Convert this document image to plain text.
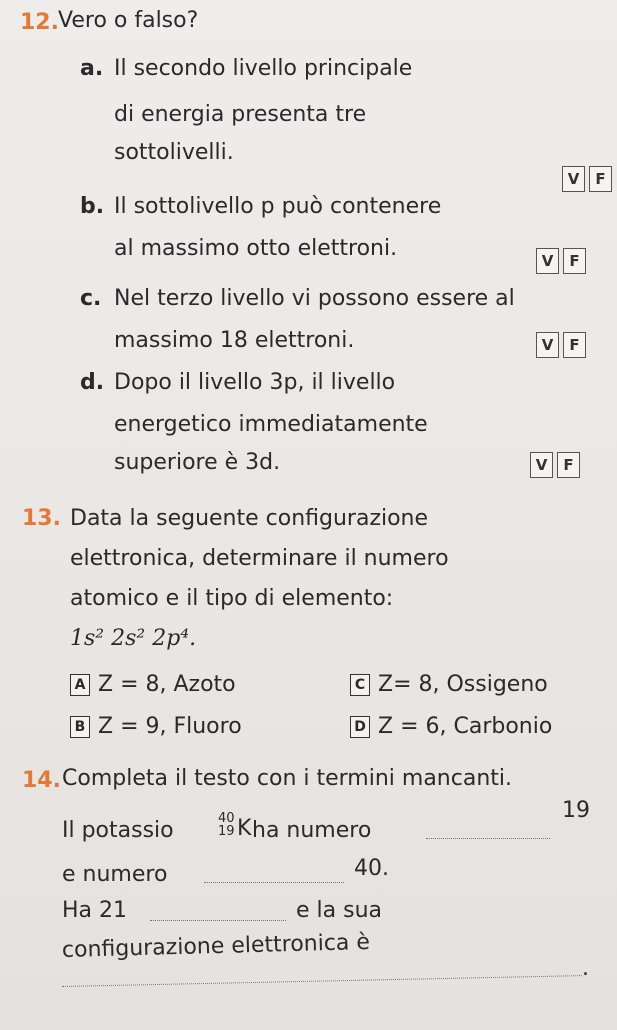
12. Vero o falso?
a. Il secondo livello principale
di energia presenta tre
sottolivelli.
V	F
b. Il sottolivello p può contenere
al massimo otto elettroni.	V	F
c. Nel terzo livello vi possono essere al
massimo 18 elettroni.	V	F
d. Dopo il livello 3p, il livello
energetico immediatamente
superiore è 3d.	V	F
13. Data la seguente configurazione
elettronica, determinare il numero
atomico e il tipo di elemento:
1s² 2s² 2p⁴.
A Z = 8, Azoto	C Z= 8, Ossigeno
B Z = 9, Fluoro	D Z = 6, Carbonio
14. Completa il testo con i termini mancanti.
Il potassio	40
19 K ha numero
19
e numero	40.
Ha 21	e la sua
configurazione elettronica è
.
